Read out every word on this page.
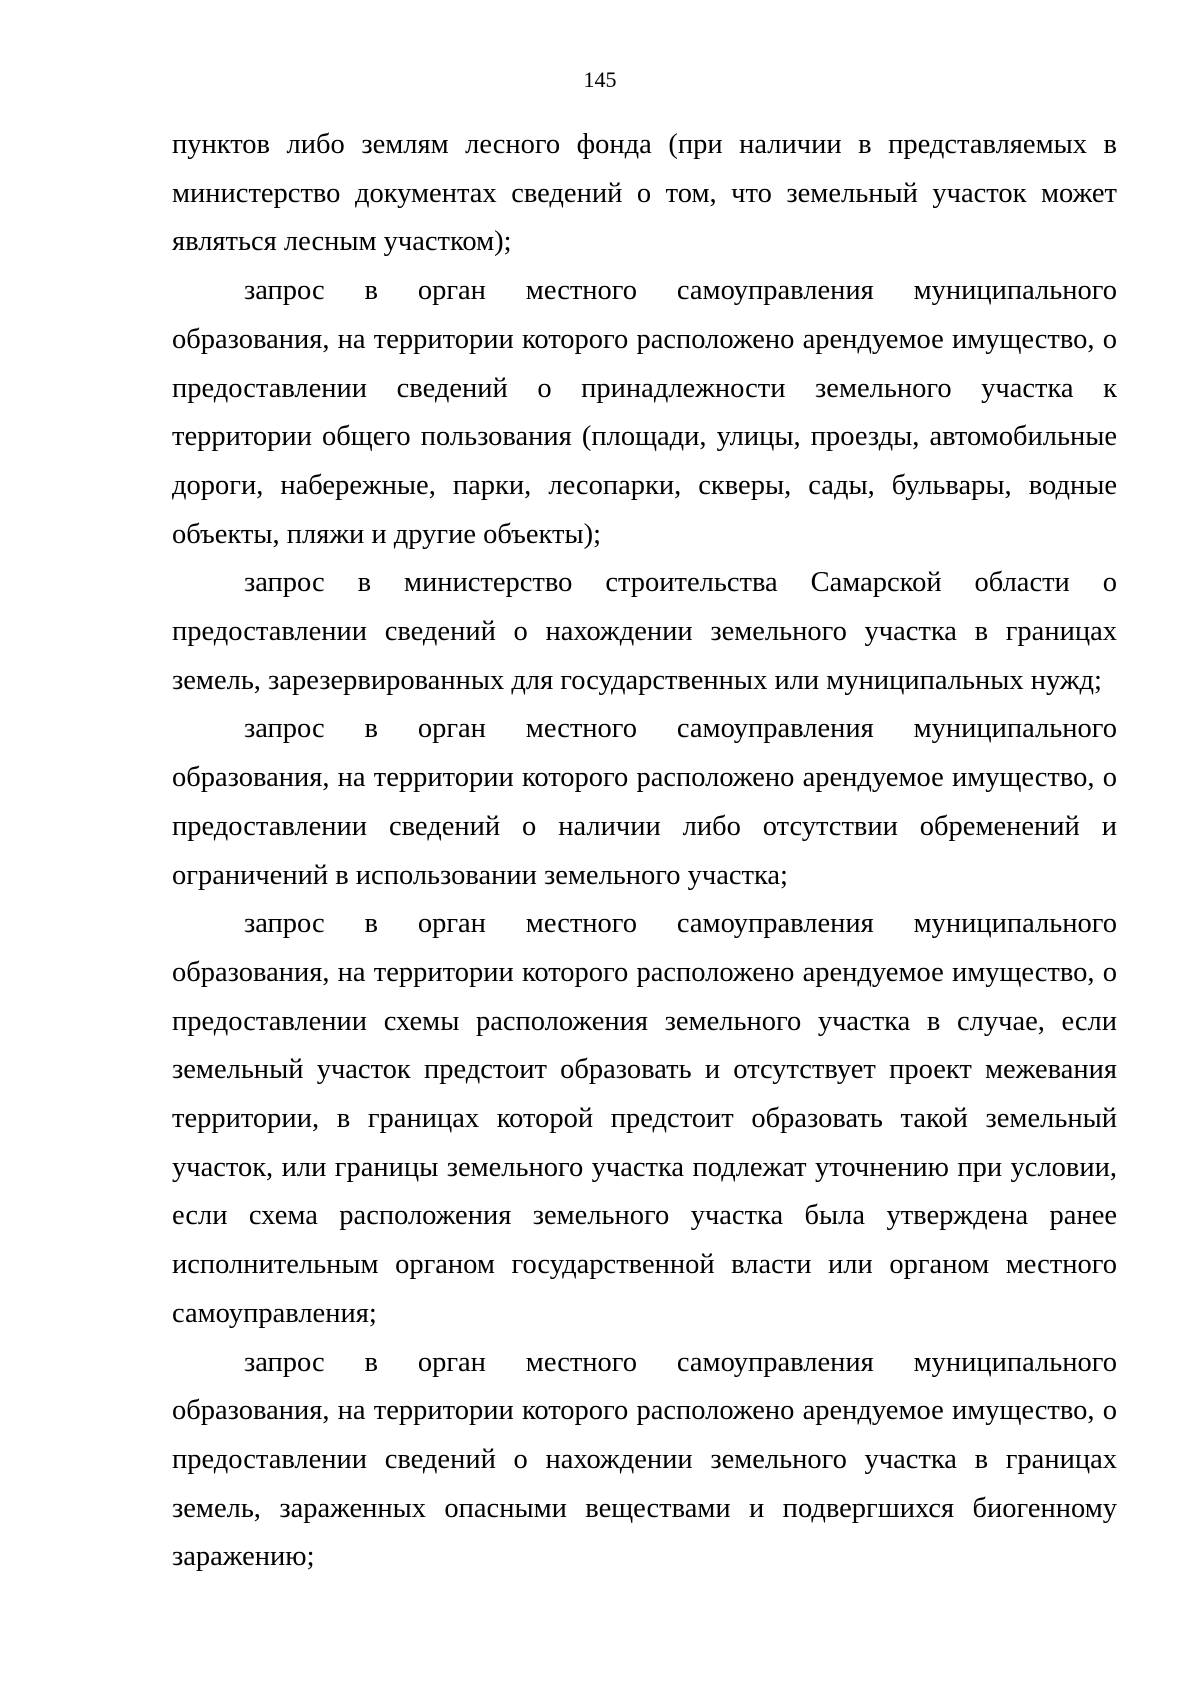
145

пунктов либо землям лесного фонда (при наличии в представляемых в министерство документах сведений о том, что земельный участок может являться лесным участком);

запрос в орган местного самоуправления муниципального образования, на территории которого расположено арендуемое имущество, о предоставлении сведений о принадлежности земельного участка к территории общего пользования (площади, улицы, проезды, автомобильные дороги, набережные, парки, лесопарки, скверы, сады, бульвары, водные объекты, пляжи и другие объекты);

запрос в министерство строительства Самарской области о предоставлении сведений о нахождении земельного участка в границах земель, зарезервированных для государственных или муниципальных нужд;

запрос в орган местного самоуправления муниципального образования, на территории которого расположено арендуемое имущество, о предоставлении сведений о наличии либо отсутствии обременений и ограничений в использовании земельного участка;

запрос в орган местного самоуправления муниципального образования, на территории которого расположено арендуемое имущество, о предоставлении схемы расположения земельного участка в случае, если земельный участок предстоит образовать и отсутствует проект межевания территории, в границах которой предстоит образовать такой земельный участок, или границы земельного участка подлежат уточнению при условии, если схема расположения земельного участка была утверждена ранее исполнительным органом государственной власти или органом местного самоуправления;

запрос в орган местного самоуправления муниципального образования, на территории которого расположено арендуемое имущество, о предоставлении сведений о нахождении земельного участка в границах земель, зараженных опасными веществами и подвергшихся биогенному заражению;
